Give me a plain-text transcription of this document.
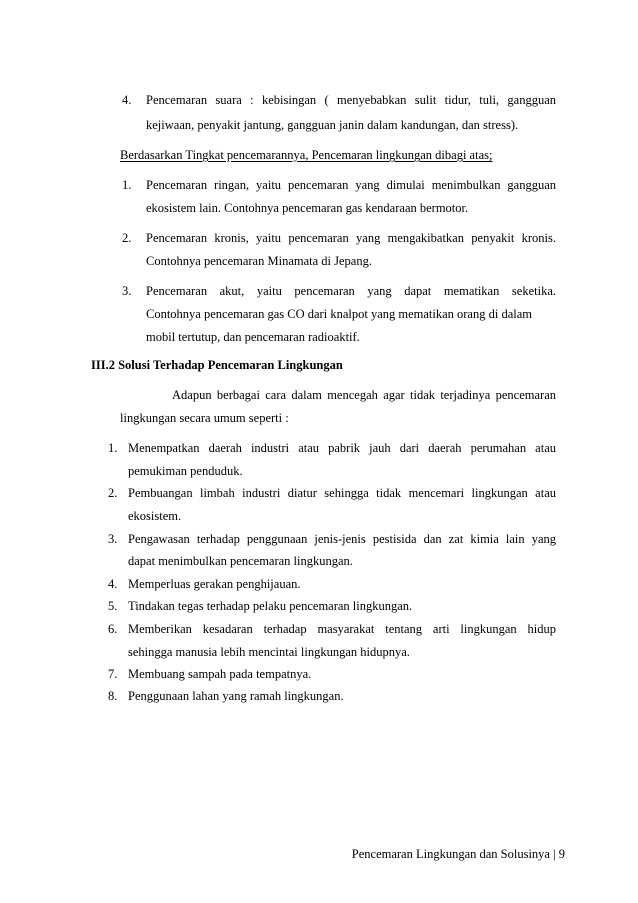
4. Pencemaran suara : kebisingan ( menyebabkan sulit tidur, tuli, gangguan
kejiwaan, penyakit jantung, gangguan janin dalam kandungan, dan stress).
Berdasarkan Tingkat pencemarannya, Pencemaran lingkungan dibagi atas;
1. Pencemaran ringan, yaitu pencemaran yang dimulai menimbulkan gangguan
ekosistem lain. Contohnya pencemaran gas kendaraan bermotor.
2. Pencemaran kronis, yaitu pencemaran yang mengakibatkan penyakit kronis.
Contohnya pencemaran Minamata di Jepang.
3. Pencemaran akut, yaitu pencemaran yang dapat mematikan seketika.
Contohnya pencemaran gas CO dari knalpot yang mematikan orang di dalam
mobil tertutup, dan pencemaran radioaktif.
III.2 Solusi Terhadap Pencemaran Lingkungan
Adapun berbagai cara dalam mencegah agar tidak terjadinya pencemaran
lingkungan secara umum seperti :
1. Menempatkan daerah industri atau pabrik jauh dari daerah perumahan atau
pemukiman penduduk.
2. Pembuangan limbah industri diatur sehingga tidak mencemari lingkungan atau
ekosistem.
3. Pengawasan terhadap penggunaan jenis-jenis pestisida dan zat kimia lain yang
dapat menimbulkan pencemaran lingkungan.
4. Memperluas gerakan penghijauan.
5. Tindakan tegas terhadap pelaku pencemaran lingkungan.
6. Memberikan kesadaran terhadap masyarakat tentang arti lingkungan hidup
sehingga manusia lebih mencintai lingkungan hidupnya.
7. Membuang sampah pada tempatnya.
8. Penggunaan lahan yang ramah lingkungan.
Pencemaran Lingkungan dan Solusinya | 9
